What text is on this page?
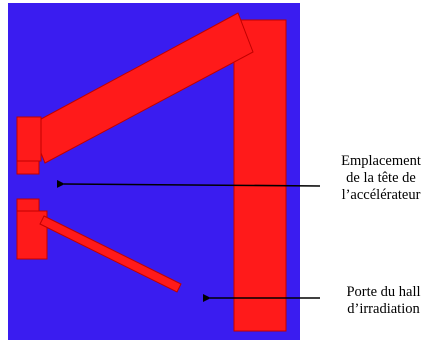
Emplacement
de la tête de
l’accélérateur
Porte du hall
d’irradiation
